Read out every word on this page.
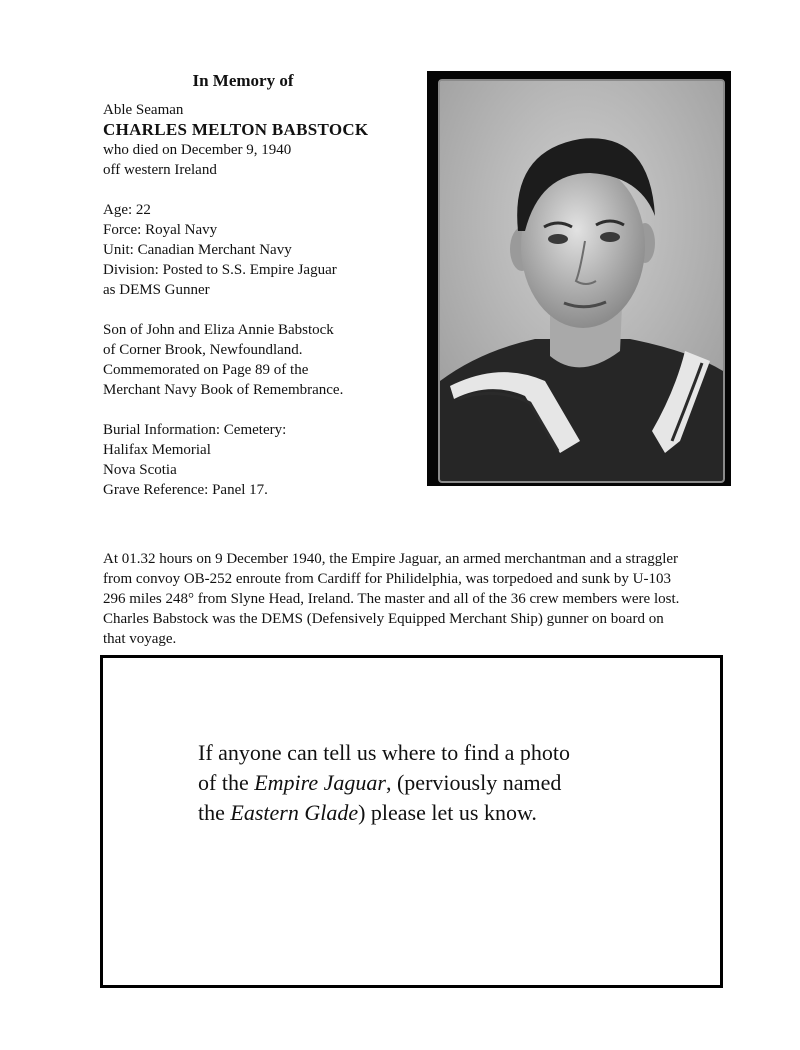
In Memory of

Able Seaman

CHARLES MELTON BABSTOCK

who died on December 9, 1940

off western Ireland

Age: 22

Force: Royal Navy

Unit: Canadian Merchant Navy

Division: Posted to S.S. Empire Jaguar

as DEMS Gunner

Son of John and Eliza Annie Babstock

of Corner Brook, Newfoundland.

Commemorated on Page 89 of the

Merchant Navy Book of Remembrance.

Burial Information: Cemetery:

Halifax Memorial

Nova Scotia

Grave Reference: Panel 17.

At 01.32 hours on 9 December 1940, the Empire Jaguar, an armed merchantman and a straggler

from convoy OB-252 enroute from Cardiff for Philidelphia, was torpedoed and sunk by U-103

296 miles 248° from Slyne Head, Ireland. The master and all of the 36 crew members were lost.

Charles Babstock was the DEMS (Defensively Equipped Merchant Ship) gunner on board on

that voyage.

If anyone can tell us where to find a photo

of the Empire Jaguar, (perviously named

the Eastern Glade) please let us know.
